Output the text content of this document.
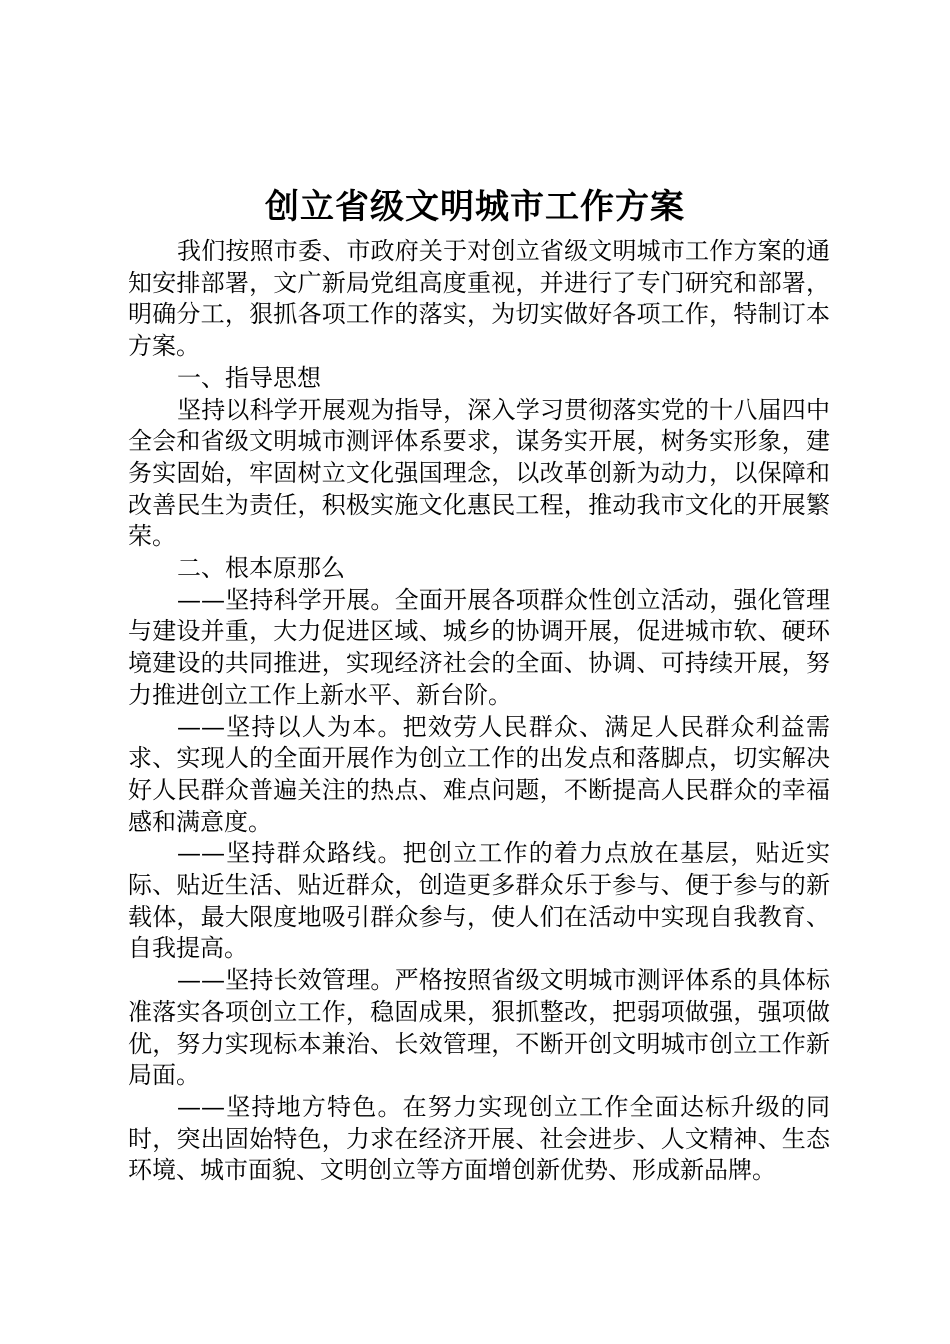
创立省级文明城市工作方案

我们按照市委、市政府关于对创立省级文明城市工作方案的通知安排部署，文广新局党组高度重视，并进行了专门研究和部署，明确分工，狠抓各项工作的落实，为切实做好各项工作，特制订本方案。

一、指导思想

坚持以科学开展观为指导，深入学习贯彻落实党的十八届四中全会和省级文明城市测评体系要求，谋务实开展，树务实形象，建务实固始，牢固树立文化强国理念，以改革创新为动力，以保障和改善民生为责任，积极实施文化惠民工程，推动我市文化的开展繁荣。

二、根本原那么

——坚持科学开展。全面开展各项群众性创立活动，强化管理与建设并重，大力促进区域、城乡的协调开展，促进城市软、硬环境建设的共同推进，实现经济社会的全面、协调、可持续开展，努力推进创立工作上新水平、新台阶。

——坚持以人为本。把效劳人民群众、满足人民群众利益需求、实现人的全面开展作为创立工作的出发点和落脚点，切实解决好人民群众普遍关注的热点、难点问题，不断提高人民群众的幸福感和满意度。

——坚持群众路线。把创立工作的着力点放在基层，贴近实际、贴近生活、贴近群众，创造更多群众乐于参与、便于参与的新载体，最大限度地吸引群众参与，使人们在活动中实现自我教育、自我提高。

——坚持长效管理。严格按照省级文明城市测评体系的具体标准落实各项创立工作，稳固成果，狠抓整改，把弱项做强，强项做优，努力实现标本兼治、长效管理，不断开创文明城市创立工作新局面。

——坚持地方特色。在努力实现创立工作全面达标升级的同时，突出固始特色，力求在经济开展、社会进步、人文精神、生态环境、城市面貌、文明创立等方面增创新优势、形成新品牌。
